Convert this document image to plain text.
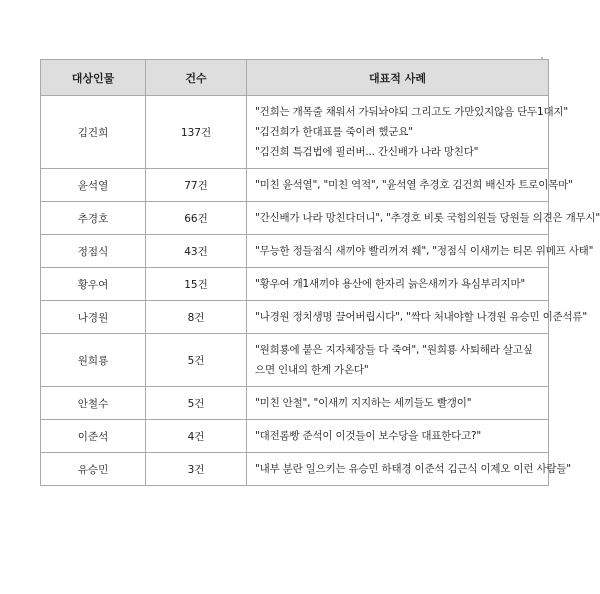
대상인물	건수	대표적 사례
김건희	137건	"건희는 개목줄 채워서 가둬놔야되 그리고도 가만있지않음 단두1대지"
"김건희가 한대표를 죽이려 했군요"
"김건희 특검법에 필러버... 간신배가 나라 망친다"

윤석열	77건	"미친 윤석열", "미친 역적", "윤석열 추경호 김건희 배신자 트로이목마"

추경호	66건	"간신배가 나라 망친다더니", "추경호 비롯 국힘의원들 당원들 의견은 개무시"

정점식	43건	"무능한 정들점식 새끼야 빨리꺼져 쒜", "정점식 이새끼는 티몬 위메프 사태"

황우여	15건	"황우여 개1새끼야 용산에 한자리 늙은새끼가 욕심부리지마"

나경원	8건	"나경원 정치생명 끌어버립시다", "싹다 처내야할 나경원 유승민 이준석류"

원희룡	5건	"원희룡에 붙은 지자체장들 다 죽여", "원희룡 사퇴해라 살고싶으면 인내의 한계 가온다"

안철수	5건	"미친 안철", "이새끼 지지하는 세끼들도 빨갱이"

이준석	4건	"대전롬빵 준석이 이것들이 보수당을 대표한다고?"

유승민	3건	"내부 분란 일으키는 유승민 하태경 이준석 김근식 이제오 이런 사람들"
